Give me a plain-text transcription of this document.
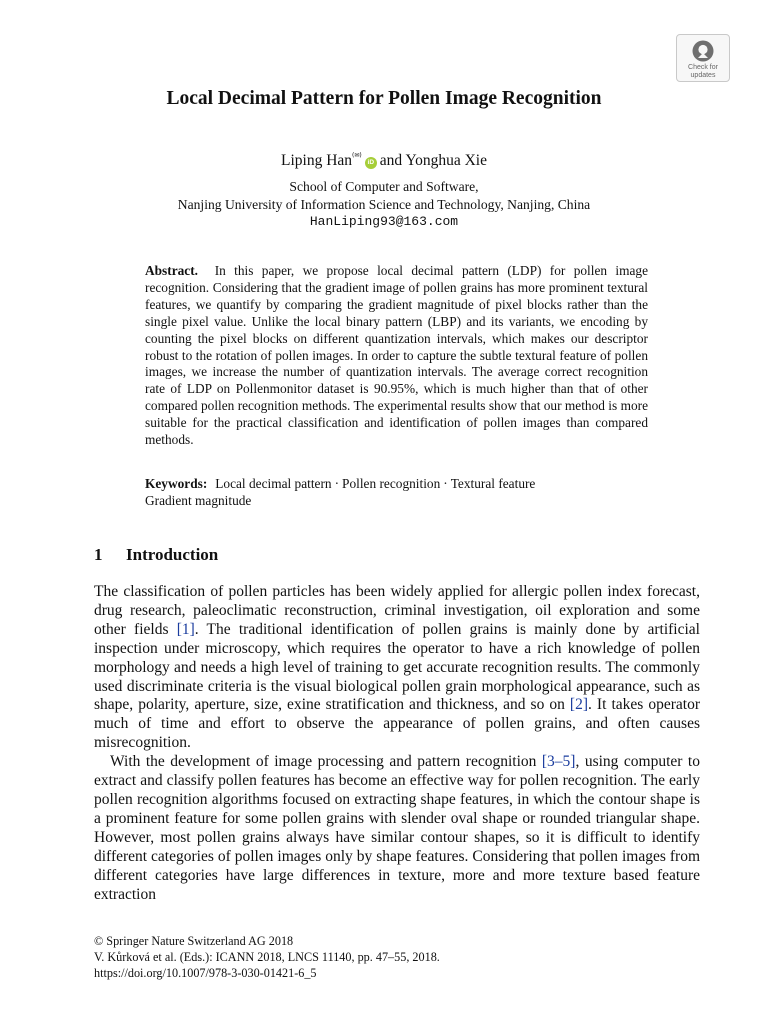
Check for
updates
Local Decimal Pattern for Pollen Image Recognition
Liping Han(✉)iD and Yonghua Xie
School of Computer and Software,
Nanjing University of Information Science and Technology, Nanjing, China
HanLiping93@163.com
Abstract. In this paper, we propose local decimal pattern (LDP) for pollen image recognition. Considering that the gradient image of pollen grains has more prominent textural features, we quantify by comparing the gradient magnitude of pixel blocks rather than the single pixel value. Unlike the local binary pattern (LBP) and its variants, we encoding by counting the pixel blocks on different quantization intervals, which makes our descriptor robust to the rotation of pollen images. In order to capture the subtle textural feature of pollen images, we increase the number of quantization intervals. The average correct recognition rate of LDP on Pollenmonitor dataset is 90.95%, which is much higher than that of other compared pollen recognition methods. The experimental results show that our method is more suitable for the practical classification and identification of pollen images than compared methods.
Keywords: Local decimal pattern · Pollen recognition · Textural feature
Gradient magnitude
1 Introduction

The classification of pollen particles has been widely applied for allergic pollen index forecast, drug research, paleoclimatic reconstruction, criminal investigation, oil exploration and some other fields [1]. The traditional identification of pollen grains is mainly done by artificial inspection under microscopy, which requires the operator to have a rich knowledge of pollen morphology and needs a high level of training to get accurate recognition results. The commonly used discriminate criteria is the visual biological pollen grain morphological appearance, such as shape, polarity, aperture, size, exine stratification and thickness, and so on [2]. It takes operator much of time and effort to observe the appearance of pollen grains, and often causes misrecognition.

With the development of image processing and pattern recognition [3–5], using computer to extract and classify pollen features has become an effective way for pollen recognition. The early pollen recognition algorithms focused on extracting shape features, in which the contour shape is a prominent feature for some pollen grains with slender oval shape or rounded triangular shape. However, most pollen grains always have similar contour shapes, so it is difficult to identify different categories of pollen images only by shape features. Considering that pollen images from different categories have large differences in texture, more and more texture based feature extraction

© Springer Nature Switzerland AG 2018
V. Kůrková et al. (Eds.): ICANN 2018, LNCS 11140, pp. 47–55, 2018.
https://doi.org/10.1007/978-3-030-01421-6_5
